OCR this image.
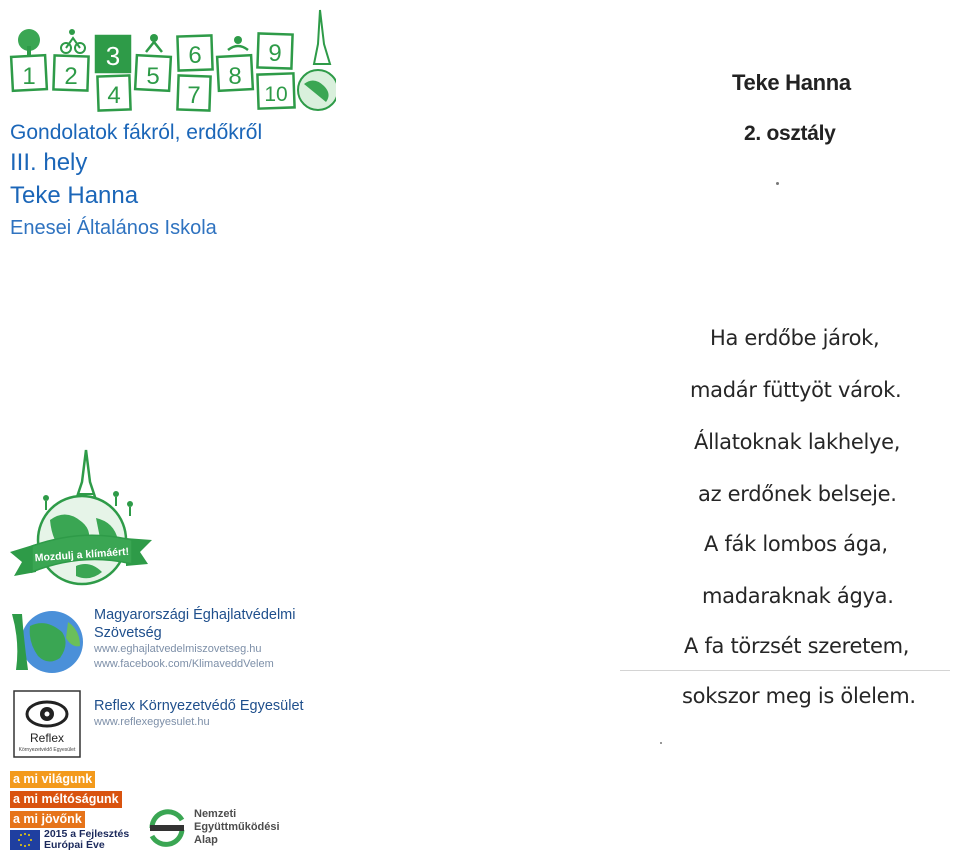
1 2
3
4
5
6
7
8
9
10
Gondolatok fákról, erdőkről
III. hely
Teke Hanna
Enesei Általános Iskola
Mozdulj a klímáért!
Magyarországi Éghajlatvédelmi
Szövetség
www.eghajlatvedelmiszovetseg.hu
www.facebook.com/KlimaveddVelem
Reflex
Környezetvédő Egyesület
Reflex Környezetvédő Egyesület
www.reflexegyesulet.hu
a mi világunk
a mi méltóságunk
a mi jövőnk
2015 a Fejlesztés
Európai Éve
Nemzeti
Együttműködési
Alap
Teke Hanna
2. osztály
Ha erdőbe járok,
madár füttyöt várok.
Állatoknak lakhelye,
az erdőnek belseje.
A fák lombos ága,
madaraknak ágya.
A fa törzsét szeretem,
sokszor meg is ölelem.
